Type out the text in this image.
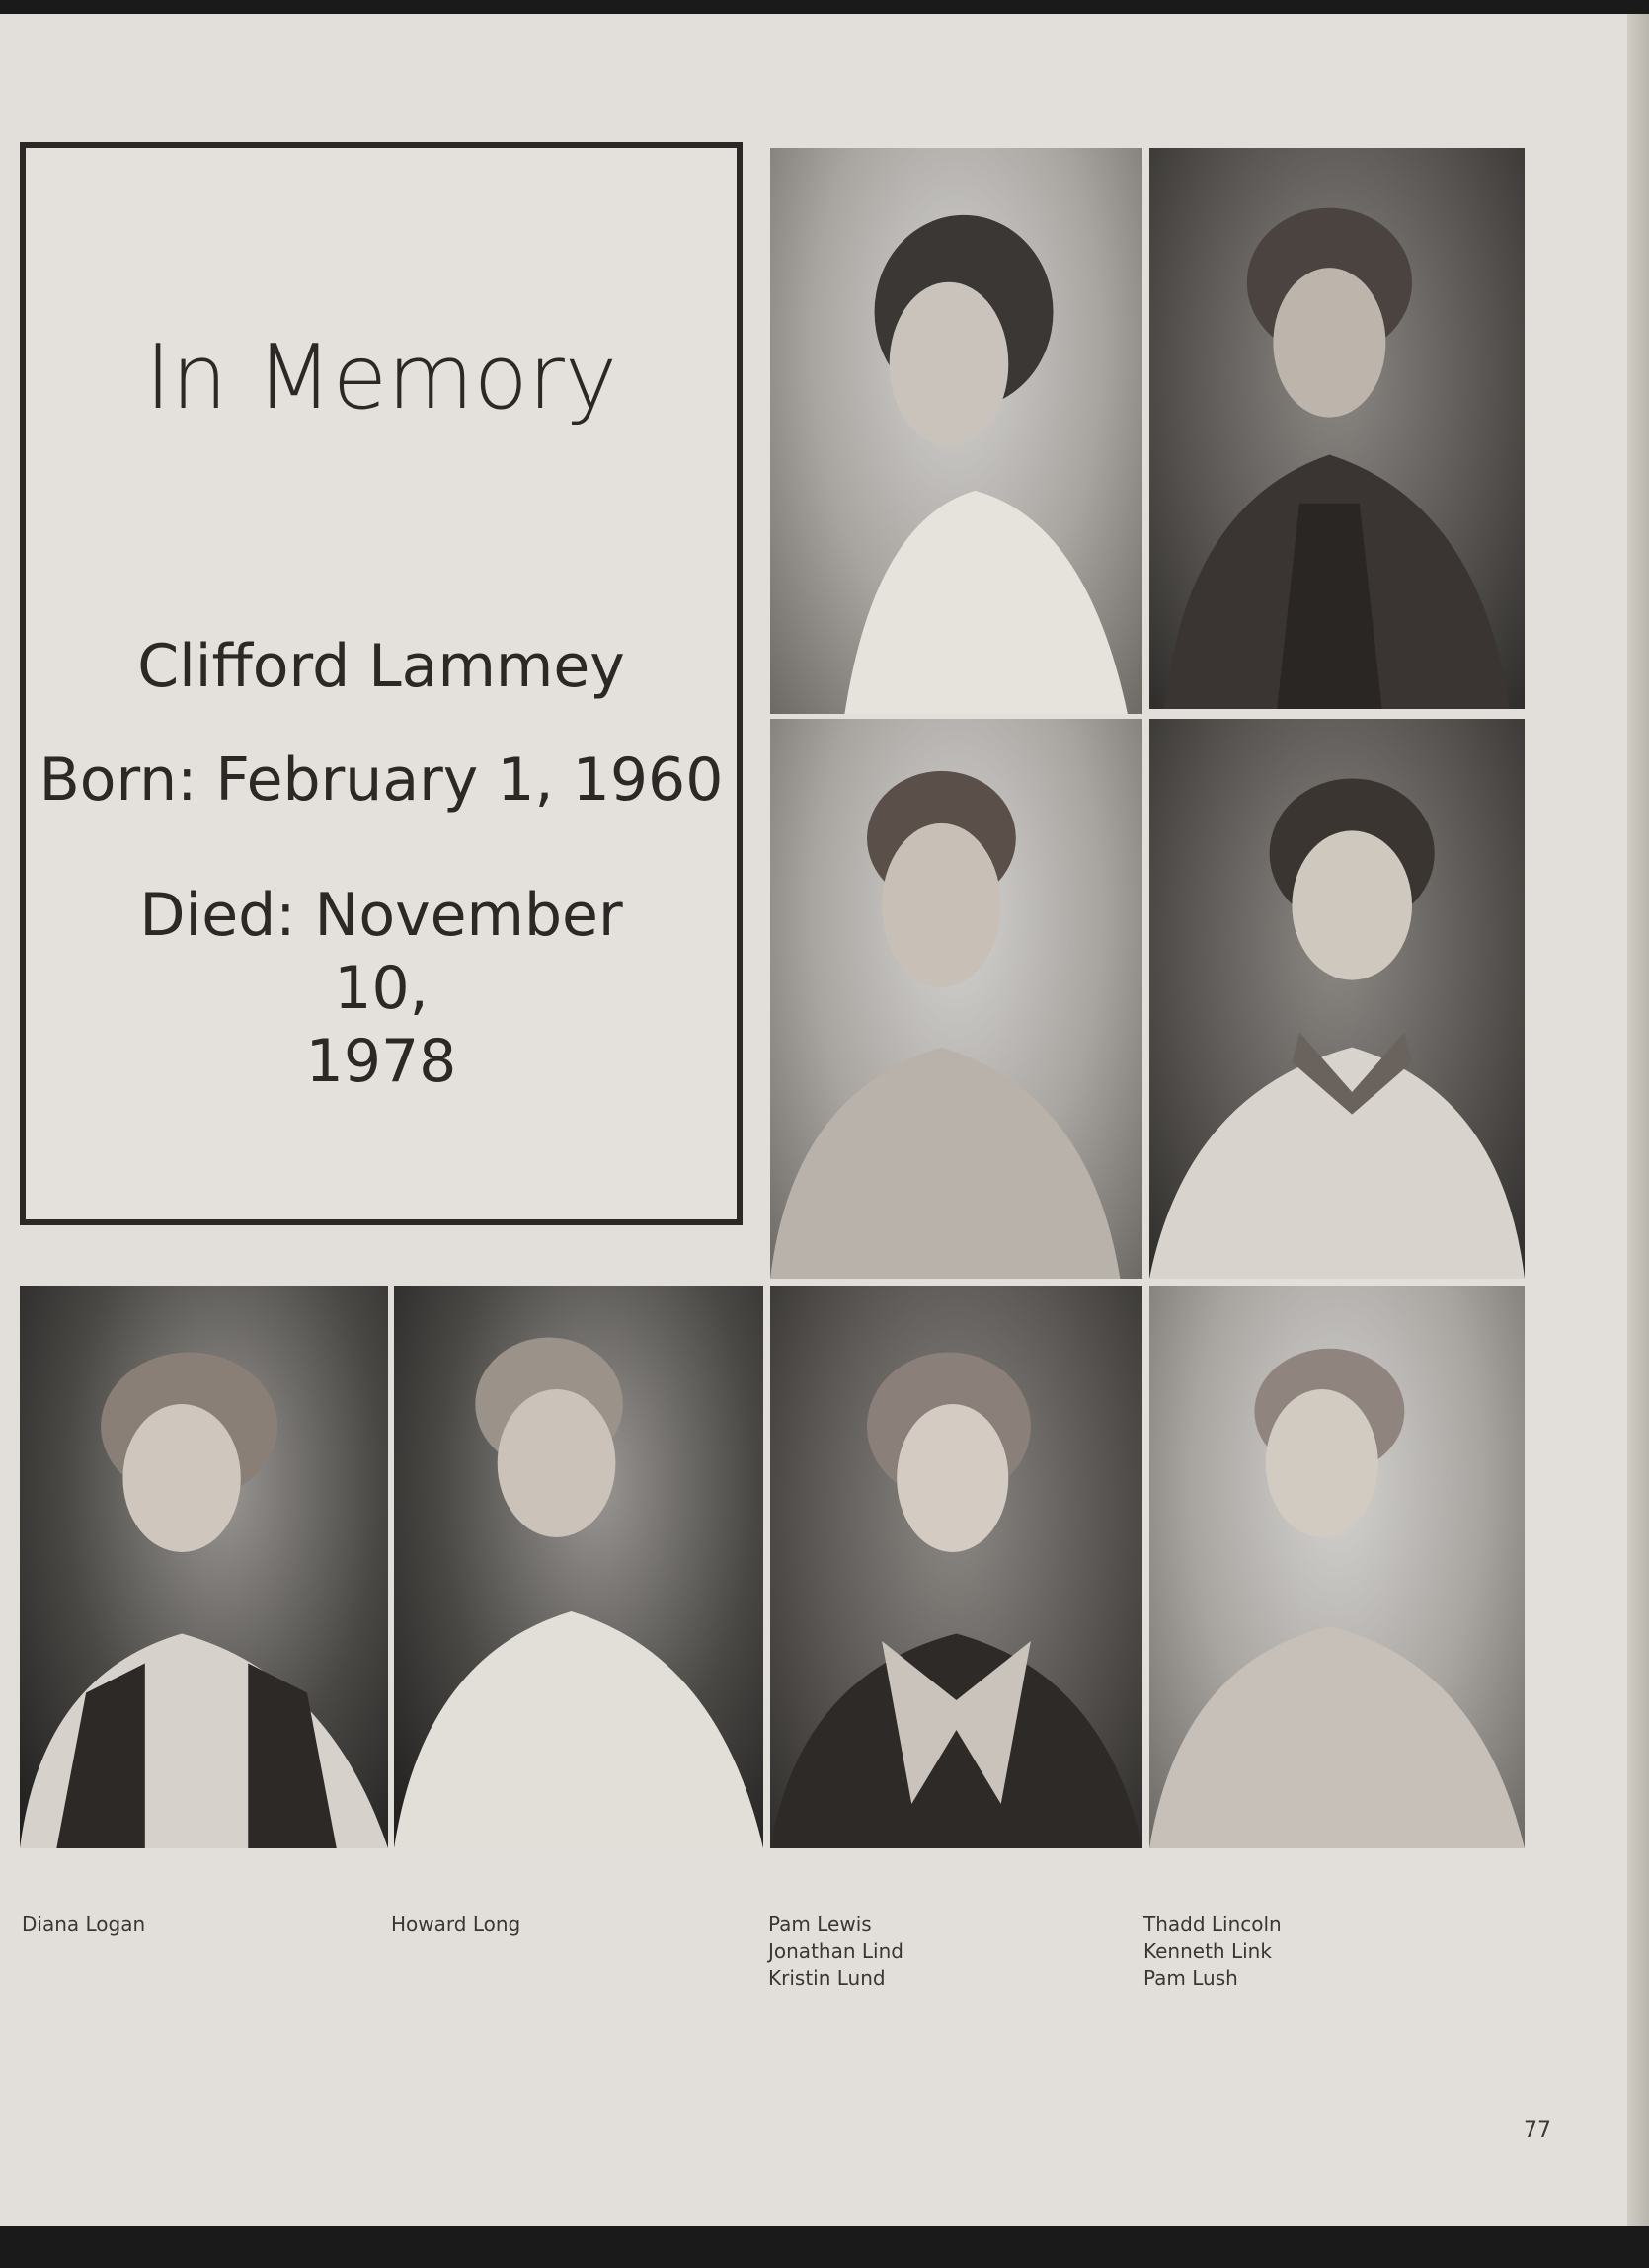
In Memory
Clifford Lammey
Born: February 1, 1960
Died: November 10,
1978
Diana Logan	Howard Long	Pam Lewis
Jonathan Lind
Kristin Lund
Thadd Lincoln
Kenneth Link
Pam Lush
77
